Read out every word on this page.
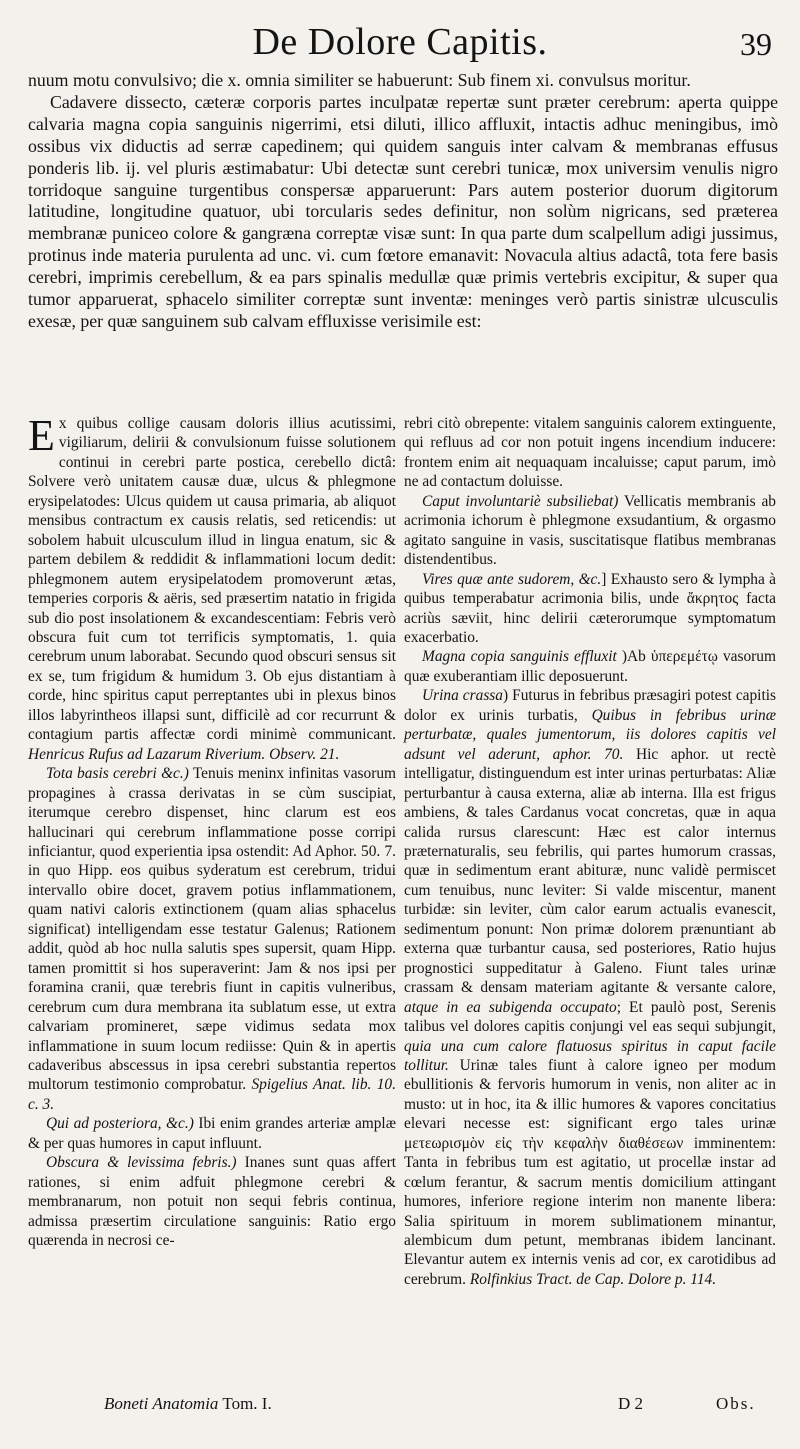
De Dolore Capitis.	39

nuum motu convulsivo; die x. omnia similiter se habuerunt: Sub finem xi. convulsus moritur.

Cadavere dissecto, cæteræ corporis partes inculpatæ repertæ sunt præter cerebrum: aperta quippe calvaria magna copia sanguinis nigerrimi, etsi diluti, illico affluxit, intactis adhuc meningibus, imò ossibus vix diductis ad serræ capedinem; qui quidem sanguis inter calvam & membranas effusus ponderis lib. ij. vel pluris æstimabatur: Ubi detectæ sunt cerebri tunicæ, mox universim venulis nigro torridoque sanguine turgentibus conspersæ apparuerunt: Pars autem posterior duorum digitorum latitudine, longitudine quatuor, ubi torcularis sedes definitur, non solùm nigricans, sed præterea membranæ puniceo colore & gangræna correptæ visæ sunt: In qua parte dum scalpellum adigi jussimus, protinus inde materia purulenta ad unc. vi. cum fœtore emanavit: Novacula altius adactâ, tota fere basis cerebri, imprimis cerebellum, & ea pars spinalis medullæ quæ primis vertebris excipitur, & super qua tumor apparuerat, sphacelo similiter correptæ sunt inventæ: meninges verò partis sinistræ ulcusculis exesæ, per quæ sanguinem sub calvam effluxisse verisimile est:

Ex quibus collige causam doloris illius acutissimi, vigiliarum, delirii & convulsionum fuisse solutionem continui in cerebri parte postica, cerebello dictâ: Solvere verò unitatem causæ duæ, ulcus & phlegmone erysipelatodes: Ulcus quidem ut causa primaria, ab aliquot mensibus contractum ex causis relatis, sed reticendis: ut sobolem habuit ulcusculum illud in lingua enatum, sic & partem debilem & reddidit & inflammationi locum dedit: phlegmonem autem erysipelatodem promoverunt ætas, temperies corporis & aëris, sed præsertim natatio in frigida sub dio post insolationem & excandescentiam: Febris verò obscura fuit cum tot terrificis symptomatis, 1. quia cerebrum unum laborabat. Secundo quod obscuri sensus sit ex se, tum frigidum & humidum 3. Ob ejus distantiam à corde, hinc spiritus caput perreptantes ubi in plexus binos illos labyrintheos illapsi sunt, difficilè ad cor recurrunt & contagium partis affectæ cordi minimè communicant. Henricus Rufus ad Lazarum Riverium. Observ. 21.

Tota basis cerebri &c.) Tenuis meninx infinitas vasorum propagines à crassa derivatas in se cùm suscipiat, iterumque cerebro dispenset, hinc clarum est eos hallucinari qui cerebrum inflammatione posse corripi inficiantur, quod experientia ipsa ostendit: Ad Aphor. 50. 7. in quo Hipp. eos quibus syderatum est cerebrum, tridui intervallo obire docet, gravem potius inflammationem, quam nativi caloris extinctionem (quam alias sphacelus significat) intelligendam esse testatur Galenus; Rationem addit, quòd ab hoc nulla salutis spes supersit, quam Hipp. tamen promittit si hos superaverint: Jam & nos ipsi per foramina cranii, quæ terebris fiunt in capitis vulneribus, cerebrum cum dura membrana ita sublatum esse, ut extra calvariam promineret, sæpe vidimus sedata mox inflammatione in suum locum rediisse: Quin & in apertis cadaveribus abscessus in ipsa cerebri substantia repertos multorum testimonio comprobatur. Spigelius Anat. lib. 10. c. 3.

Qui ad posteriora, &c.) Ibi enim grandes arteriæ amplæ & per quas humores in caput influunt.

Obscura & levissima febris.) Inanes sunt quas affert rationes, si enim adfuit phlegmone cerebri & membranarum, non potuit non sequi febris continua, admissa præsertim circulatione sanguinis: Ratio ergo quærenda in necrosi ce-

rebri citò obrepente: vitalem sanguinis calorem extinguente, qui refluus ad cor non potuit ingens incendium inducere: frontem enim ait nequaquam incaluisse; caput parum, imò ne ad contactum doluisse.

Caput involuntariè subsiliebat) Vellicatis membranis ab acrimonia ichorum è phlegmone exsudantium, & orgasmo agitato sanguine in vasis, suscitatisque flatibus membranas distendentibus.

Vires quæ ante sudorem, &c.] Exhausto sero & lympha à quibus temperabatur acrimonia bilis, unde ἄκρητος facta acriùs sæviit, hinc delirii cæterorumque symptomatum exacerbatio.

Magna copia sanguinis effluxit )Ab ὑπερεμέτῳ vasorum quæ exuberantiam illic deposuerunt.

Urina crassa) Futurus in febribus præsagiri potest capitis dolor ex urinis turbatis, Quibus in febribus urinæ perturbatæ, quales jumentorum, iis dolores capitis vel adsunt vel aderunt, aphor. 70. Hic aphor. ut rectè intelligatur, distinguendum est inter urinas perturbatas: Aliæ perturbantur à causa externa, aliæ ab interna. Illa est frigus ambiens, & tales Cardanus vocat concretas, quæ in aqua calida rursus clarescunt: Hæc est calor internus præternaturalis, seu febrilis, qui partes humorum crassas, quæ in sedimentum erant abituræ, nunc validè permiscet cum tenuibus, nunc leviter: Si valde miscentur, manent turbidæ: sin leviter, cùm calor earum actualis evanescit, sedimentum ponunt: Non primæ dolorem prænuntiant ab externa quæ turbantur causa, sed posteriores, Ratio hujus prognostici suppeditatur à Galeno. Fiunt tales urinæ crassam & densam materiam agitante & versante calore, atque in ea subigenda occupato; Et paulò post, Serenis talibus vel dolores capitis conjungi vel eas sequi subjungit, quia una cum calore flatuosus spiritus in caput facile tollitur. Urinæ tales fiunt à calore igneo per modum ebullitionis & fervoris humorum in venis, non aliter ac in musto: ut in hoc, ita & illic humores & vapores concitatius elevari necesse est: significant ergo tales urinæ μετεωρισμὸν εἰς τὴν κεφαλὴν διαθέσεων imminentem: Tanta in febribus tum est agitatio, ut procellæ instar ad cœlum ferantur, & sacrum mentis domicilium attingant humores, inferiore regione interim non manente libera: Salia spirituum in morem sublimationem minantur, alembicum dum petunt, membranas ibidem lancinant. Elevantur autem ex internis venis ad cor, ex carotidibus ad cerebrum. Rolfinkius Tract. de Cap. Dolore p. 114.

Boneti Anatomia Tom. I.	D 2	Obs.
